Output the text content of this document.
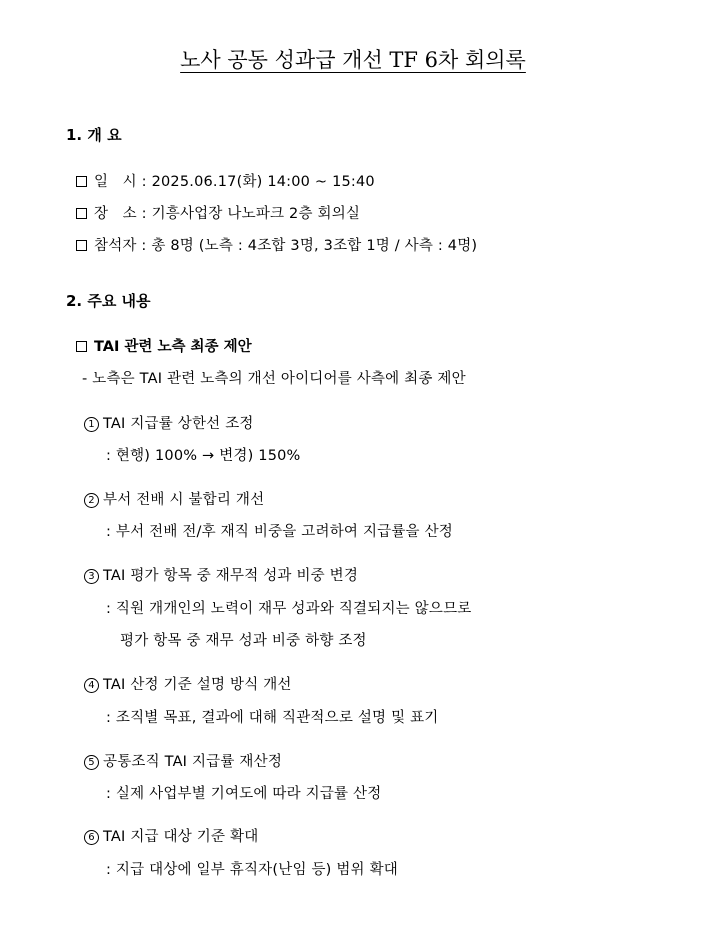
노사 공동 성과급 개선 TF 6차 회의록
1. 개 요
일   시 : 2025.06.17(화) 14:00 ~ 15:40
장   소 : 기흥사업장 나노파크 2층 회의실
참석자 : 총 8명 (노측 : 4조합 3명, 3조합 1명 / 사측 : 4명)
2. 주요 내용
TAI 관련 노측 최종 제안
- 노측은 TAI 관련 노측의 개선 아이디어를 사측에 최종 제안
1 TAI 지급률 상한선 조정
: 현행) 100% → 변경) 150%
2 부서 전배 시 불합리 개선
: 부서 전배 전/후 재직 비중을 고려하여 지급률을 산정
3 TAI 평가 항목 중 재무적 성과 비중 변경
: 직원 개개인의 노력이 재무 성과와 직결되지는 않으므로
평가 항목 중 재무 성과 비중 하향 조정
4 TAI 산정 기준 설명 방식 개선
: 조직별 목표, 결과에 대해 직관적으로 설명 및 표기
5 공통조직 TAI 지급률 재산정
: 실제 사업부별 기여도에 따라 지급률 산정
6 TAI 지급 대상 기준 확대
: 지급 대상에 일부 휴직자(난임 등) 범위 확대
